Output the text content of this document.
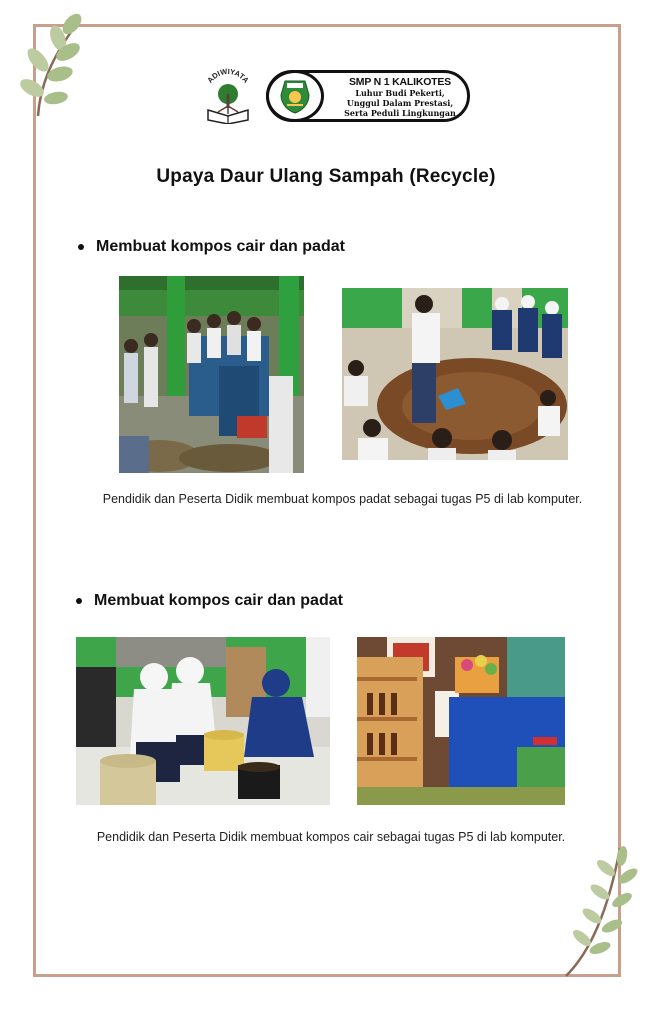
ADIWIYATA	SMP N 1 KALIKOTES
Luhur Budi Pekerti,
Unggul Dalam Prestasi,
Serta Peduli Lingkungan
Upaya Daur Ulang Sampah (Recycle)
Membuat kompos cair dan padat
Pendidik dan Peserta Didik membuat kompos padat sebagai tugas P5 di lab komputer.
Membuat kompos cair dan padat
Pendidik dan Peserta Didik membuat kompos cair sebagai tugas P5 di lab komputer.
